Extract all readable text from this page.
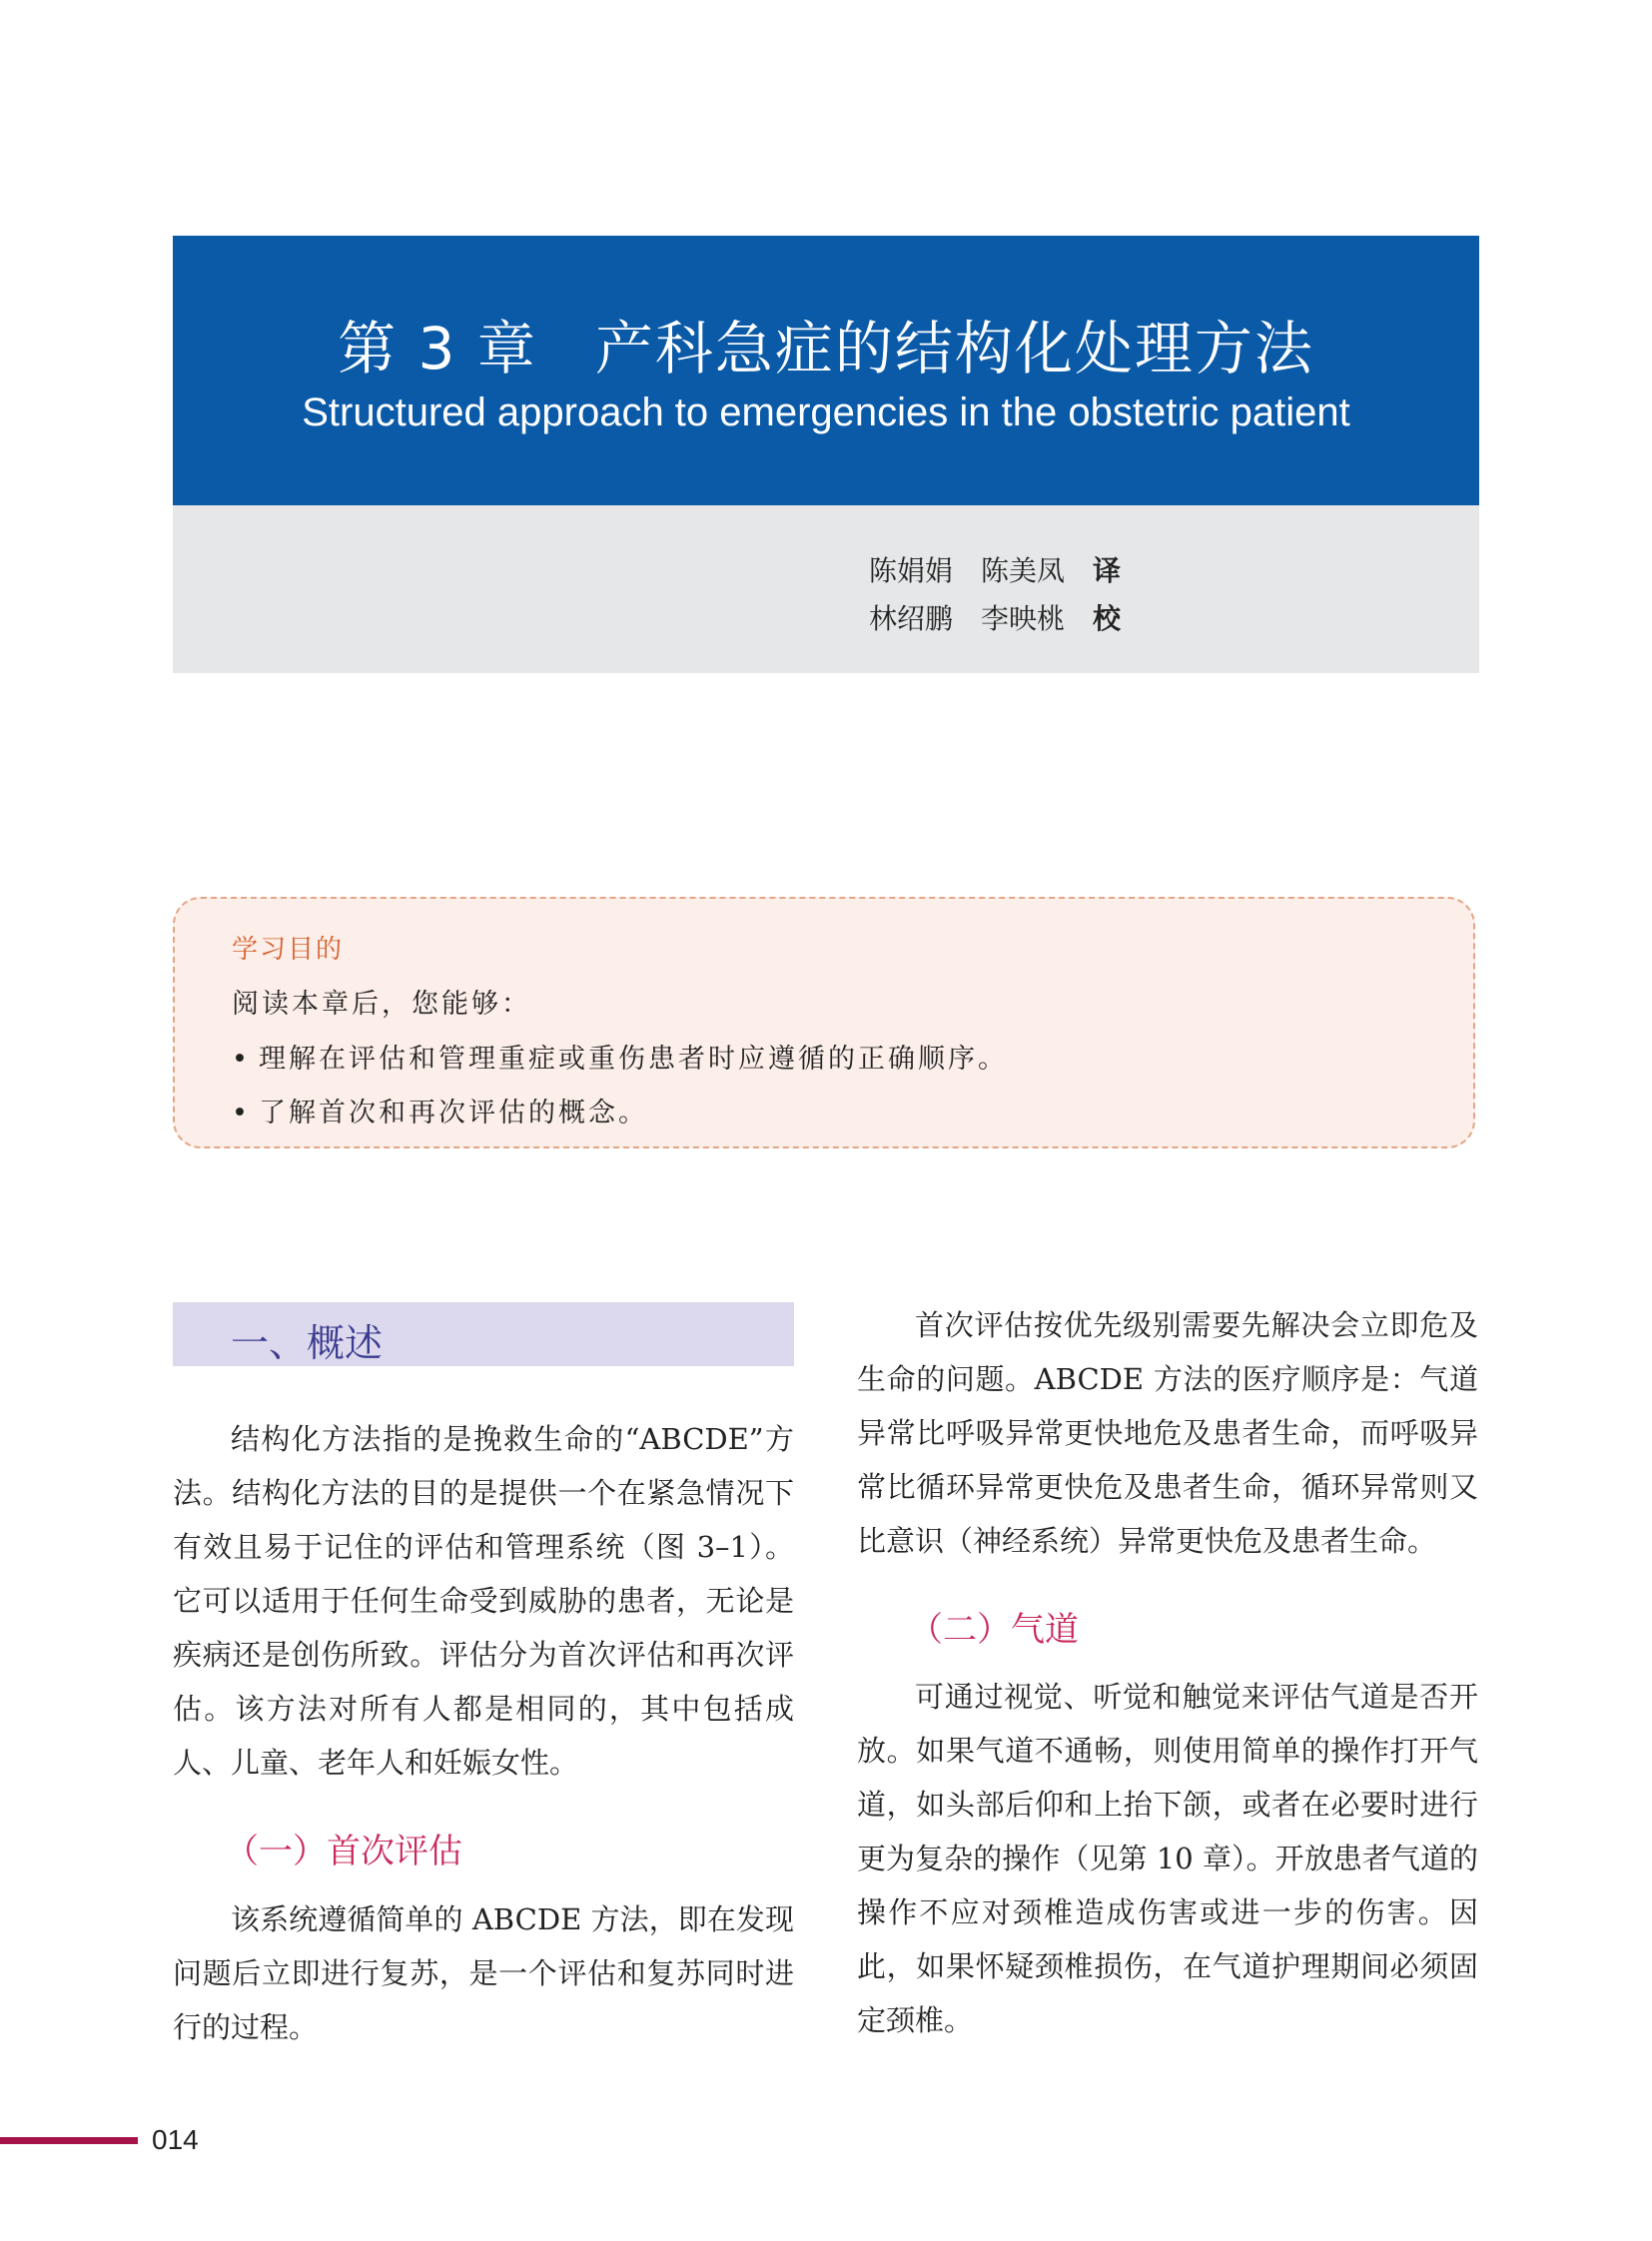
第 3 章 产科急症的结构化处理方法
Structured approach to emergencies in the obstetric patient
陈娟娟 陈美凤 译
林绍鹏 李映桃 校
学习目的
阅读本章后，您能够：
• 理解在评估和管理重症或重伤患者时应遵循的正确顺序。
• 了解首次和再次评估的概念。
一、概述

结构化方法指的是挽救生命的“ABCDE”方法。结构化方法的目的是提供一个在紧急情况下有效且易于记住的评估和管理系统（图 3–1）。它可以适用于任何生命受到威胁的患者，无论是疾病还是创伤所致。评估分为首次评估和再次评估。该方法对所有人都是相同的，其中包括成人、儿童、老年人和妊娠女性。

（一）首次评估

该系统遵循简单的 ABCDE 方法，即在发现问题后立即进行复苏，是一个评估和复苏同时进行的过程。

首次评估按优先级别需要先解决会立即危及生命的问题。ABCDE 方法的医疗顺序是：气道异常比呼吸异常更快地危及患者生命，而呼吸异常比循环异常更快危及患者生命，循环异常则又比意识（神经系统）异常更快危及患者生命。

（二）气道

可通过视觉、听觉和触觉来评估气道是否开放。如果气道不通畅，则使用简单的操作打开气道，如头部后仰和上抬下颌，或者在必要时进行更为复杂的操作（见第 10 章）。开放患者气道的操作不应对颈椎造成伤害或进一步的伤害。因此，如果怀疑颈椎损伤，在气道护理期间必须固定颈椎。

014
